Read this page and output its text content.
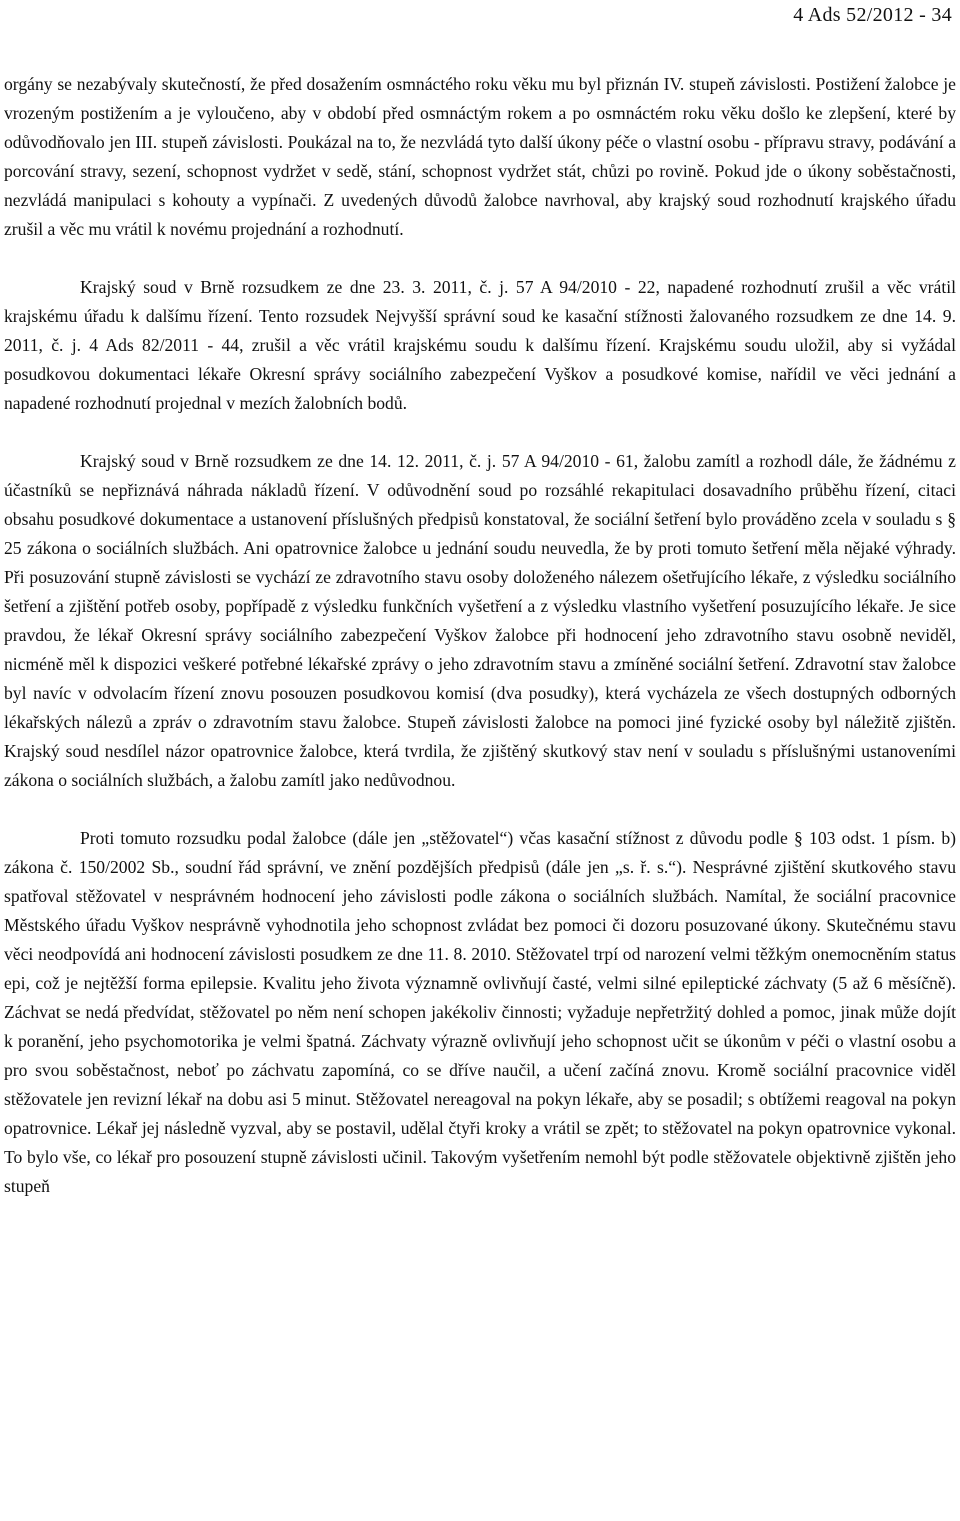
4 Ads 52/2012 - 34

orgány se nezabývaly skutečností, že před dosažením osmnáctého roku věku mu byl přiznán IV. stupeň závislosti. Postižení žalobce je vrozeným postižením a je vyloučeno, aby v období před osmnáctým rokem a po osmnáctém roku věku došlo ke zlepšení, které by odůvodňovalo jen III. stupeň závislosti. Poukázal na to, že nezvládá tyto další úkony péče o vlastní osobu - přípravu stravy, podávání a porcování stravy, sezení, schopnost vydržet v sedě, stání, schopnost vydržet stát, chůzi po rovině. Pokud jde o úkony soběstačnosti, nezvládá manipulaci s kohouty a vypínači. Z uvedených důvodů žalobce navrhoval, aby krajský soud rozhodnutí krajského úřadu zrušil a věc mu vrátil k novému projednání a rozhodnutí.

Krajský soud v Brně rozsudkem ze dne 23. 3. 2011, č. j. 57 A 94/2010 - 22, napadené rozhodnutí zrušil a věc vrátil krajskému úřadu k dalšímu řízení. Tento rozsudek Nejvyšší správní soud ke kasační stížnosti žalovaného rozsudkem ze dne 14. 9. 2011, č. j. 4 Ads 82/2011 - 44, zrušil a věc vrátil krajskému soudu k dalšímu řízení. Krajskému soudu uložil, aby si vyžádal posudkovou dokumentaci lékaře Okresní správy sociálního zabezpečení Vyškov a posudkové komise, nařídil ve věci jednání a napadené rozhodnutí projednal v mezích žalobních bodů.

Krajský soud v Brně rozsudkem ze dne 14. 12. 2011, č. j. 57 A 94/2010 - 61, žalobu zamítl a rozhodl dále, že žádnému z účastníků se nepřiznává náhrada nákladů řízení. V odůvodnění soud po rozsáhlé rekapitulaci dosavadního průběhu řízení, citaci obsahu posudkové dokumentace a ustanovení příslušných předpisů konstatoval, že sociální šetření bylo prováděno zcela v souladu s § 25 zákona o sociálních službách. Ani opatrovnice žalobce u jednání soudu neuvedla, že by proti tomuto šetření měla nějaké výhrady. Při posuzování stupně závislosti se vychází ze zdravotního stavu osoby doloženého nálezem ošetřujícího lékaře, z výsledku sociálního šetření a zjištění potřeb osoby, popřípadě z výsledku funkčních vyšetření a z výsledku vlastního vyšetření posuzujícího lékaře. Je sice pravdou, že lékař Okresní správy sociálního zabezpečení Vyškov žalobce při hodnocení jeho zdravotního stavu osobně neviděl, nicméně měl k dispozici veškeré potřebné lékařské zprávy o jeho zdravotním stavu a zmíněné sociální šetření. Zdravotní stav žalobce byl navíc v odvolacím řízení znovu posouzen posudkovou komisí (dva posudky), která vycházela ze všech dostupných odborných lékařských nálezů a zpráv o zdravotním stavu žalobce. Stupeň závislosti žalobce na pomoci jiné fyzické osoby byl náležitě zjištěn. Krajský soud nesdílel názor opatrovnice žalobce, která tvrdila, že zjištěný skutkový stav není v souladu s příslušnými ustanoveními zákona o sociálních službách, a žalobu zamítl jako nedůvodnou.

Proti tomuto rozsudku podal žalobce (dále jen „stěžovatel“) včas kasační stížnost z důvodu podle § 103 odst. 1 písm. b) zákona č. 150/2002 Sb., soudní řád správní, ve znění pozdějších předpisů (dále jen „s. ř. s.“). Nesprávné zjištění skutkového stavu spatřoval stěžovatel v nesprávném hodnocení jeho závislosti podle zákona o sociálních službách. Namítal, že sociální pracovnice Městského úřadu Vyškov nesprávně vyhodnotila jeho schopnost zvládat bez pomoci či dozoru posuzované úkony. Skutečnému stavu věci neodpovídá ani hodnocení závislosti posudkem ze dne 11. 8. 2010. Stěžovatel trpí od narození velmi těžkým onemocněním status epi, což je nejtěžší forma epilepsie. Kvalitu jeho života významně ovlivňují časté, velmi silné epileptické záchvaty (5 až 6 měsíčně). Záchvat se nedá předvídat, stěžovatel po něm není schopen jakékoliv činnosti; vyžaduje nepřetržitý dohled a pomoc, jinak může dojít k poranění, jeho psychomotorika je velmi špatná. Záchvaty výrazně ovlivňují jeho schopnost učit se úkonům v péči o vlastní osobu a pro svou soběstačnost, neboť po záchvatu zapomíná, co se dříve naučil, a učení začíná znovu. Kromě sociální pracovnice viděl stěžovatele jen revizní lékař na dobu asi 5 minut. Stěžovatel nereagoval na pokyn lékaře, aby se posadil; s obtížemi reagoval na pokyn opatrovnice. Lékař jej následně vyzval, aby se postavil, udělal čtyři kroky a vrátil se zpět; to stěžovatel na pokyn opatrovnice vykonal. To bylo vše, co lékař pro posouzení stupně závislosti učinil. Takovým vyšetřením nemohl být podle stěžovatele objektivně zjištěn jeho stupeň
